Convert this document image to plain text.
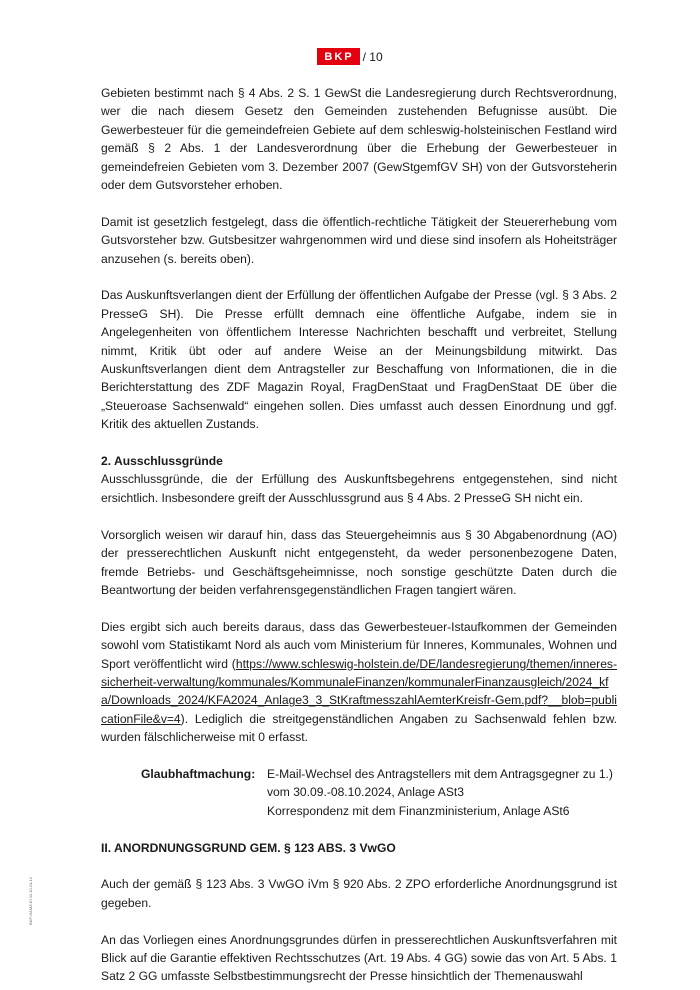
BKP / 10

Gebieten bestimmt nach § 4 Abs. 2 S. 1 GewSt die Landesregierung durch Rechtsverordnung, wer die nach diesem Gesetz den Gemeinden zustehenden Befugnisse ausübt. Die Gewerbesteuer für die gemeindefreien Gebiete auf dem schleswig-holsteinischen Festland wird gemäß § 2 Abs. 1 der Landesverordnung über die Erhebung der Gewerbesteuer in gemeindefreien Gebieten vom 3. Dezember 2007 (GewStgemfGV SH) von der Gutsvorsteherin oder dem Gutsvorsteher erhoben.

Damit ist gesetzlich festgelegt, dass die öffentlich-rechtliche Tätigkeit der Steuererhebung vom Gutsvorsteher bzw. Gutsbesitzer wahrgenommen wird und diese sind insofern als Hoheitsträger anzusehen (s. bereits oben).

Das Auskunftsverlangen dient der Erfüllung der öffentlichen Aufgabe der Presse (vgl. § 3 Abs. 2 PresseG SH). Die Presse erfüllt demnach eine öffentliche Aufgabe, indem sie in Angelegenheiten von öffentlichem Interesse Nachrichten beschafft und verbreitet, Stellung nimmt, Kritik übt oder auf andere Weise an der Meinungsbildung mitwirkt. Das Auskunftsverlangen dient dem Antragsteller zur Beschaffung von Informationen, die in die Berichterstattung des ZDF Magazin Royal, FragDenStaat und FragDenStaat DE über die „Steueroase Sachsenwald“ eingehen sollen. Dies umfasst auch dessen Einordnung und ggf. Kritik des aktuellen Zustands.

2. Ausschlussgründe

Ausschlussgründe, die der Erfüllung des Auskunftsbegehrens entgegenstehen, sind nicht ersichtlich. Insbesondere greift der Ausschlussgrund aus § 4 Abs. 2 PresseG SH nicht ein.

Vorsorglich weisen wir darauf hin, dass das Steuergeheimnis aus § 30 Abgabenordnung (AO) der presserechtlichen Auskunft nicht entgegensteht, da weder personenbezogene Daten, fremde Betriebs- und Geschäftsgeheimnisse, noch sonstige geschützte Daten durch die Beantwortung der beiden verfahrensgegenständlichen Fragen tangiert wären.

Dies ergibt sich auch bereits daraus, dass das Gewerbesteuer-Istaufkommen der Gemeinden sowohl vom Statistikamt Nord als auch vom Ministerium für Inneres, Kommunales, Wohnen und Sport veröffentlicht wird (https://www.schleswig-holstein.de/DE/landesregierung/themen/inneres-sicherheit-verwaltung/kommunales/KommunaleFinanzen/kommunalerFinanzausgleich/2024_kfa/Downloads_2024/KFA2024_Anlage3_3_StKraftmesszahlAemterKreisfr-Gem.pdf?__blob=publicationFile&v=4). Lediglich die streitgegenständlichen Angaben zu Sachsenwald fehlen bzw. wurden fälschlicherweise mit 0 erfasst.

Glaubhaftmachung: E-Mail-Wechsel des Antragstellers mit dem Antragsgegner zu 1.)
vom 30.09.-08.10.2024, Anlage ASt3
Korrespondenz mit dem Finanzministerium, Anlage ASt6
II. ANORDNUNGSGRUND GEM. § 123 ABS. 3 VwGO

Auch der gemäß § 123 Abs. 3 VwGO iVm § 920 Abs. 2 ZPO erforderliche Anordnungsgrund ist gegeben.

An das Vorliegen eines Anordnungsgrundes dürfen in presserechtlichen Auskunftsverfahren mit Blick auf die Garantie effektiven Rechtsschutzes (Art. 19 Abs. 4 GG) sowie das von Art. 5 Abs. 1 Satz 2 GG umfasste Selbstbestimmungsrecht der Presse hinsichtlich der Themenauswahl

BKP-HAMZ-EI 11.10.24-12
